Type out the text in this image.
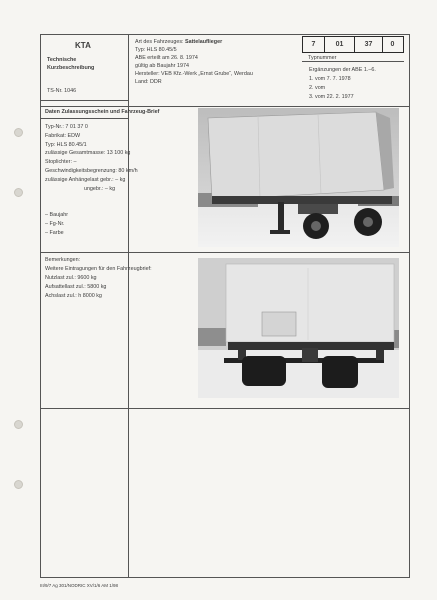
KTA
Technische
Kurzbeschreibung
TS-Nr. 1046
Art des Fahrzeuges: Sattelauflieger
Typ: HLS 80.45/5
ABE erteilt am 26. 8. 1974
gültig ab Baujahr 1974
Hersteller: VEB Kfz.-Werk „Ernst Grube“, Werdau
Land: DDR
7	01	37	0
Typnummer
Ergänzungen der ABE 1.–6.
1. vom 7. 7. 1978
2. vom
3. vom 22. 2. 1977
Daten Zulassungsschein und Fahrzeug-Brief
Typ-Nr.: 7 01 37 0
Fabrikat: EDW
Typ: HLS 80.45/1
zulässige Gesamtmasse: 13 100 kg
Stoplichter: –
Geschwindigkeitsbegrenzung: 80 km/h
zulässige Anhängelast gebr.: – kg
ungebr.: – kg
– Baujahr
– Fg-Nr.
– Farbe
Bemerkungen:
Weitere Eintragungen für den Fahrzeugbrief:
Nutzlast zul.: 9600 kg
Aufsattellast zul.: 5800 kg
Achslast zul.: h 8000 kg
III/9/7 Ag 301/NODRIC XV/1/6 AM 1/98
